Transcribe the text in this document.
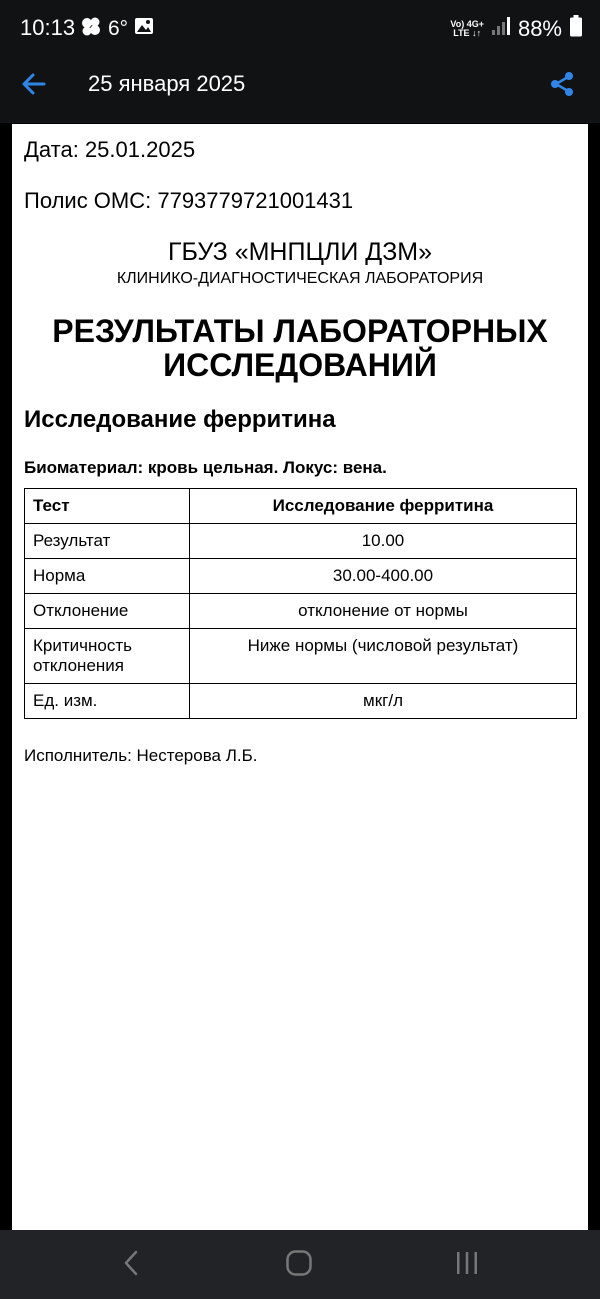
10:13 6°	Vo) 4G+
LTE ↓↑ 88%
25 января 2025
Дата: 25.01.2025
Полис ОМС: 7793779721001431
ГБУЗ «МНПЦЛИ ДЗМ»
КЛИНИКО-ДИАГНОСТИЧЕСКАЯ ЛАБОРАТОРИЯ
РЕЗУЛЬТАТЫ ЛАБОРАТОРНЫХ
ИССЛЕДОВАНИЙ
Исследование ферритина
Биоматериал: кровь цельная. Локус: вена.
Тест	Исследование ферритина
Результат	10.00
Норма	30.00-400.00
Отклонение	отклонение от нормы
Критичность отклонения	Ниже нормы (числовой результат)
Ед. изм.	мкг/л
Исполнитель: Нестерова Л.Б.
